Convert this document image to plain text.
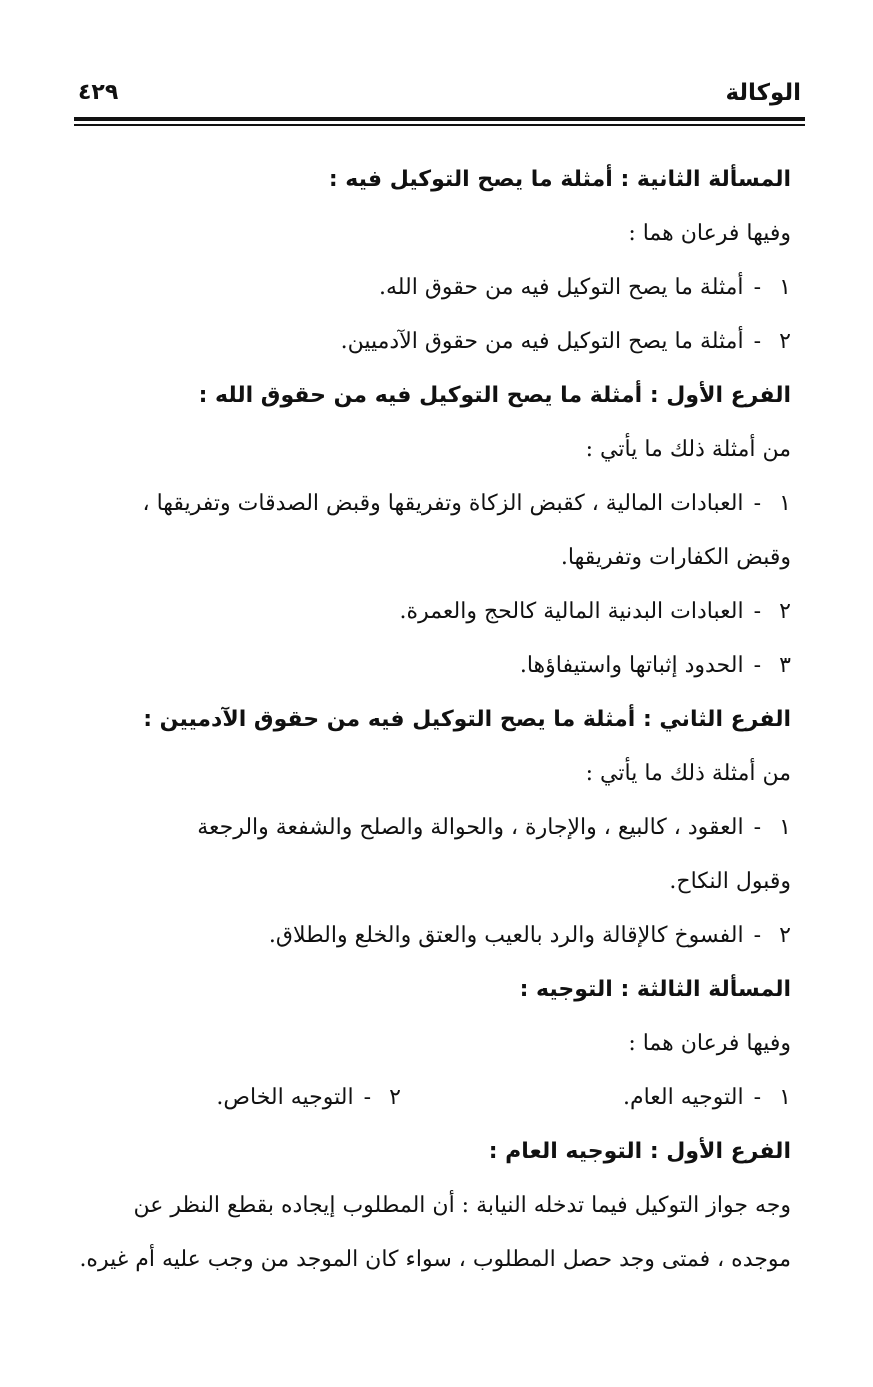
الوكالة
٤٢٩
المسألة الثانية : أمثلة ما يصح التوكيل فيه :
وفيها فرعان هما :
١-أمثلة ما يصح التوكيل فيه من حقوق الله.
٢-أمثلة ما يصح التوكيل فيه من حقوق الآدميين.
الفرع الأول : أمثلة ما يصح التوكيل فيه من حقوق الله :
من أمثلة ذلك ما يأتي :
١-العبادات المالية ، كقبض الزكاة وتفريقها وقبض الصدقات وتفريقها ،
وقبض الكفارات وتفريقها.
٢-العبادات البدنية المالية كالحج والعمرة.
٣-الحدود إثباتها واستيفاؤها.
الفرع الثاني : أمثلة ما يصح التوكيل فيه من حقوق الآدميين :
من أمثلة ذلك ما يأتي :
١-العقود ، كالبيع ، والإجارة ، والحوالة والصلح والشفعة والرجعة
وقبول النكاح.
٢-الفسوخ كالإقالة والرد بالعيب والعتق والخلع والطلاق.
المسألة الثالثة : التوجيه :
وفيها فرعان هما :
١-التوجيه العام.
٢-التوجيه الخاص.
الفرع الأول : التوجيه العام :
وجه جواز التوكيل فيما تدخله النيابة : أن المطلوب إيجاده بقطع النظر عن
موجده ، فمتى وجد حصل المطلوب ، سواء كان الموجد من وجب عليه أم غيره.
